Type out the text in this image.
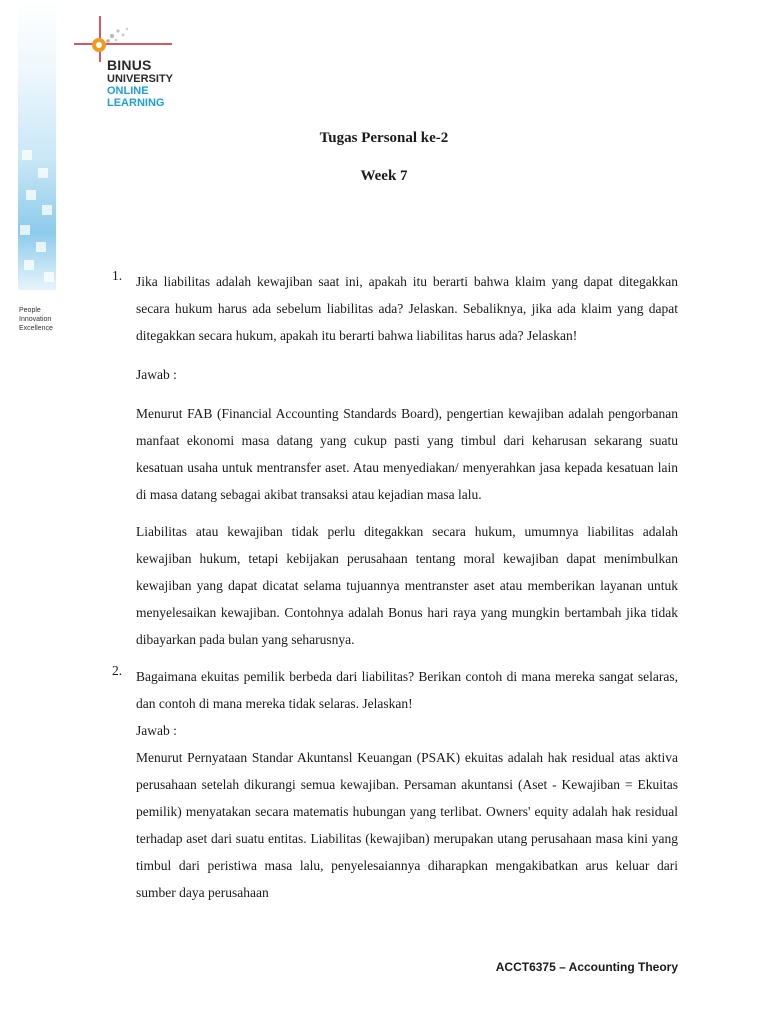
People
Innovation
Excellence
BINUS
UNIVERSITY
ONLINE
LEARNING
Tugas Personal ke-2
Week 7
1. Jika liabilitas adalah kewajiban saat ini, apakah itu berarti bahwa klaim yang dapat ditegakkan secara hukum harus ada sebelum liabilitas ada? Jelaskan. Sebaliknya, jika ada klaim yang dapat ditegakkan secara hukum, apakah itu berarti bahwa liabilitas harus ada? Jelaskan!

Jawab :

Menurut FAB (Financial Accounting Standards Board), pengertian kewajiban adalah pengorbanan manfaat ekonomi masa datang yang cukup pasti yang timbul dari keharusan sekarang suatu kesatuan usaha untuk mentransfer aset. Atau menyediakan/ menyerahkan jasa kepada kesatuan lain di masa datang sebagai akibat transaksi atau kejadian masa lalu.

Liabilitas atau kewajiban tidak perlu ditegakkan secara hukum, umumnya liabilitas adalah kewajiban hukum, tetapi kebijakan perusahaan tentang moral kewajiban dapat menimbulkan kewajiban yang dapat dicatat selama tujuannya mentranster aset atau memberikan layanan untuk menyelesaikan kewajiban. Contohnya adalah Bonus hari raya yang mungkin bertambah jika tidak dibayarkan pada bulan yang seharusnya.

2. Bagaimana ekuitas pemilik berbeda dari liabilitas? Berikan contoh di mana mereka sangat selaras, dan contoh di mana mereka tidak selaras. Jelaskan!

Jawab :

Menurut Pernyataan Standar Akuntansl Keuangan (PSAK) ekuitas adalah hak residual atas aktiva perusahaan setelah dikurangi semua kewajiban. Persaman akuntansi (Aset - Kewajiban = Ekuitas pemilik) menyatakan secara matematis hubungan yang terlibat. Owners' equity adalah hak residual terhadap aset dari suatu entitas. Liabilitas (kewajiban) merupakan utang perusahaan masa kini yang timbul dari peristiwa masa lalu, penyelesaiannya diharapkan mengakibatkan arus keluar dari sumber daya perusahaan

ACCT6375 – Accounting Theory
